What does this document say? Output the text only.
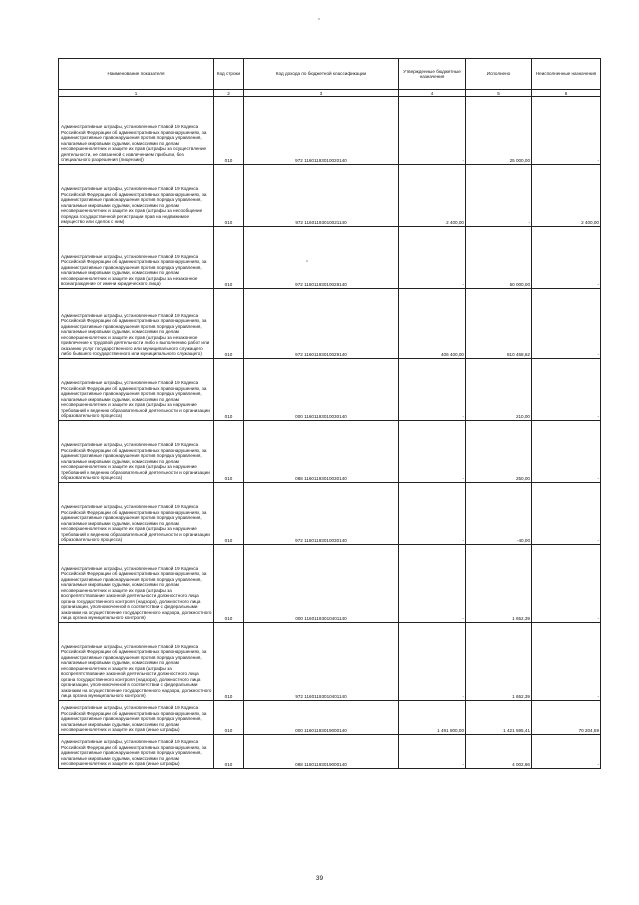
Наименование показателя	Код строки	Код дохода по бюджетной классификации	Утвержденные бюджетные назначения	Исполнено	Неисполненные назначения
1	2	3	4	5	6

Административные штрафы, установленные Главой 19 Кодекса Российской Федерации об административных правонарушениях, за административные правонарушения против порядка управления, налагаемые мировыми судьями, комиссиями по делам несовершеннолетних и защите их прав (штрафы за осуществление деятельности, не связанной с извлечением прибыли, без специального разрешения (лицензии))	010	972 11601193010020140	-	25 000,00	-

Административные штрафы, установленные Главой 19 Кодекса Российской Федерации об административных правонарушениях, за административные правонарушения против порядка управления, налагаемые мировыми судьями, комиссиями по делам несовершеннолетних и защите их прав (штрафы за несообщение порядка государственной регистрации прав на недвижимое имущество или сделок с ним)	010	972 11601193010021140	2 400,00	-	2 400,00

Административные штрафы, установленные Главой 19 Кодекса Российской Федерации об административных правонарушениях, за административные правонарушения против порядка управления, налагаемые мировыми судьями, комиссиями по делам несовершеннолетних и защите их прав (штрафы за незаконное вознаграждение от имени юридического лица)	010	972 11601193010028140	-	50 000,00	-

Административные штрафы, установленные Главой 19 Кодекса Российской Федерации об административных правонарушениях, за административные правонарушения против порядка управления, налагаемые мировыми судьями, комиссиями по делам несовершеннолетних и защите их прав (штрафы за незаконное привлечение к трудовой деятельности либо к выполнению работ или оказанию услуг государственного или муниципального служащего либо бывшего государственного или муниципального служащего)	010	972 11601193010029140	406 400,00	810 458,62	-

Административные штрафы, установленные Главой 19 Кодекса Российской Федерации об административных правонарушениях, за административные правонарушения против порядка управления, налагаемые мировыми судьями, комиссиями по делам несовершеннолетних и защите их прав (штрафы за нарушение требований к ведению образовательной деятельности и организации образовательного процесса)	010	000 11601193010030140	-	210,00	-

Административные штрафы, установленные Главой 19 Кодекса Российской Федерации об административных правонарушениях, за административные правонарушения против порядка управления, налагаемые мировыми судьями, комиссиями по делам несовершеннолетних и защите их прав (штрафы за нарушение требований к ведению образовательной деятельности и организации образовательного процесса)	010	088 11601193010030140	-	250,00	-

Административные штрафы, установленные Главой 19 Кодекса Российской Федерации об административных правонарушениях, за административные правонарушения против порядка управления, налагаемые мировыми судьями, комиссиями по делам несовершеннолетних и защите их прав (штрафы за нарушение требований к ведению образовательной деятельности и организации образовательного процесса)	010	972 11601193010030140	-	-40,00	-

Административные штрафы, установленные Главой 19 Кодекса Российской Федерации об административных правонарушениях, за административные правонарушения против порядка управления, налагаемые мировыми судьями, комиссиями по делам несовершеннолетних и защите их прав (штрафы за воспрепятствование законной деятельности должностного лица органа государственного контроля (надзора), должностного лица организации, уполномоченной в соответствии с федеральными законами на осуществление государственного надзора, должностного лица органа муниципального контроля)	010	000 11601193010401140	-	1 652,39	-

Административные штрафы, установленные Главой 19 Кодекса Российской Федерации об административных правонарушениях, за административные правонарушения против порядка управления, налагаемые мировыми судьями, комиссиями по делам несовершеннолетних и защите их прав (штрафы за воспрепятствование законной деятельности должностного лица органа государственного контроля (надзора), должностного лица организации, уполномоченной в соответствии с федеральными законами на осуществление государственного надзора, должностного лица органа муниципального контроля)	010	972 11601193010401140	-	1 652,39	-

Административные штрафы, установленные Главой 19 Кодекса Российской Федерации об административных правонарушениях, за административные правонарушения против порядка управления, налагаемые мировыми судьями, комиссиями по делам несовершеннолетних и защите их прав (иные штрафы)	010	000 11601193019000140	1 491 800,00	1 421 595,41	70 204,59

Административные штрафы, установленные Главой 19 Кодекса Российской Федерации об административных правонарушениях, за административные правонарушения против порядка управления, налагаемые мировыми судьями, комиссиями по делам несовершеннолетних и защите их прав (иные штрафы)	010	088 11601193019000140	-	4 002,86	-
39
